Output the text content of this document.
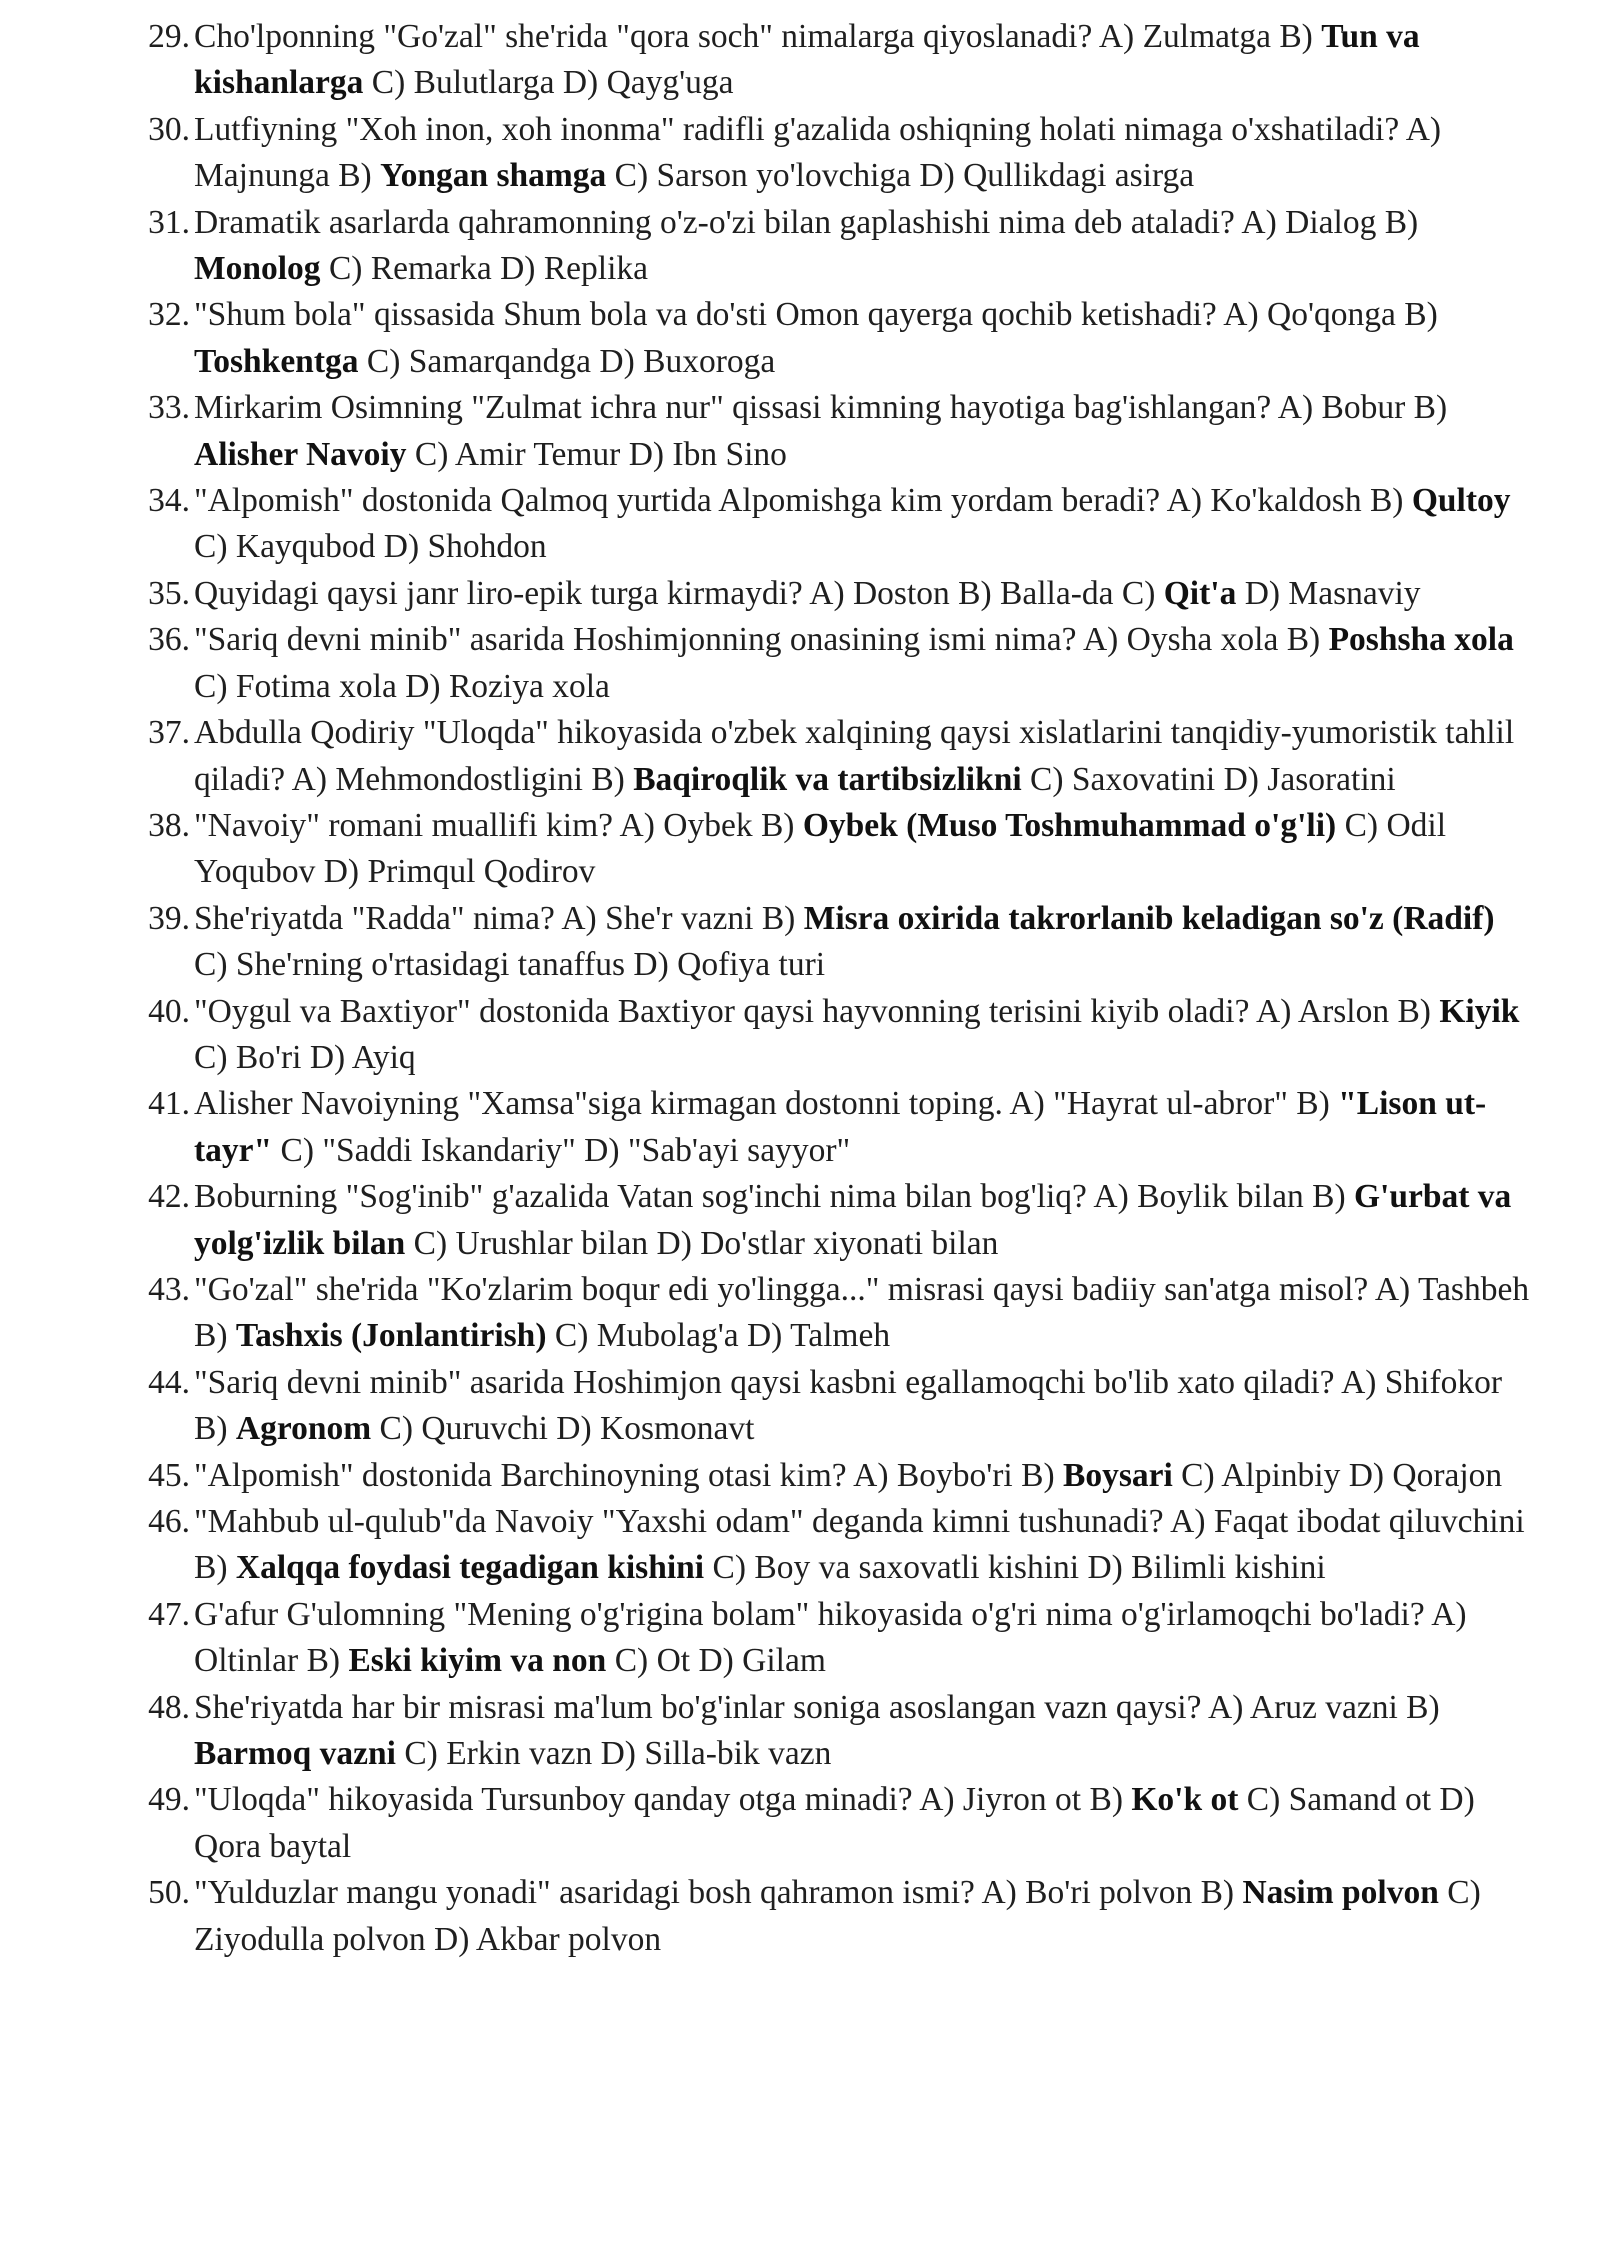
29. Cho'lponning "Go'zal" she'rida "qora soch" nimalarga qiyoslanadi? A) Zulmatga B) Tun va kishanlarga C) Bulutlarga D) Qayg'uga
30. Lutfiyning "Xoh inon, xoh inonma" radifli g'azalida oshiqning holati nimaga o'xshatiladi? A) Majnunga B) Yongan shamga C) Sarson yo'lovchiga D) Qullikdagi asirga
31. Dramatik asarlarda qahramonning o'z-o'zi bilan gaplashishi nima deb ataladi? A) Dialog B) Monolog C) Remarka D) Replika
32. "Shum bola" qissasida Shum bola va do'sti Omon qayerga qochib ketishadi? A) Qo'qonga B) Toshkentga C) Samarqandga D) Buxoroga
33. Mirkarim Osimning "Zulmat ichra nur" qissasi kimning hayotiga bag'ishlangan? A) Bobur B) Alisher Navoiy C) Amir Temur D) Ibn Sino
34. "Alpomish" dostonida Qalmoq yurtida Alpomishga kim yordam beradi? A) Ko'kaldosh B) Qultoy C) Kayqubod D) Shohdon
35. Quyidagi qaysi janr liro-epik turga kirmaydi? A) Doston B) Balla-da C) Qit'a D) Masnaviy
36. "Sariq devni minib" asarida Hoshimjonning onasining ismi nima? A) Oysha xola B) Poshsha xola C) Fotima xola D) Roziya xola
37. Abdulla Qodiriy "Uloqda" hikoyasida o'zbek xalqining qaysi xislatlarini tanqidiy-yumoristik tahlil qiladi? A) Mehmondostligini B) Baqiroqlik va tartibsizlikni C) Saxovatini D) Jasoratini
38. "Navoiy" romani muallifi kim? A) Oybek B) Oybek (Muso Toshmuhammad o'g'li) C) Odil Yoqubov D) Primqul Qodirov
39. She'riyatda "Radda" nima? A) She'r vazni B) Misra oxirida takrorlanib keladigan so'z (Radif) C) She'rning o'rtasidagi tanaffus D) Qofiya turi
40. "Oygul va Baxtiyor" dostonida Baxtiyor qaysi hayvonning terisini kiyib oladi? A) Arslon B) Kiyik C) Bo'ri D) Ayiq
41. Alisher Navoiyning "Xamsa"siga kirmagan dostonni toping. A) "Hayrat ul-abror" B) "Lison ut-tayr" C) "Saddi Iskandariy" D) "Sab'ayi sayyor"
42. Boburning "Sog'inib" g'azalida Vatan sog'inchi nima bilan bog'liq? A) Boylik bilan B) G'urbat va yolg'izlik bilan C) Urushlar bilan D) Do'stlar xiyonati bilan
43. "Go'zal" she'rida "Ko'zlarim boqur edi yo'lingga..." misrasi qaysi badiiy san'atga misol? A) Tashbeh B) Tashxis (Jonlantirish) C) Mubolag'a D) Talmeh
44. "Sariq devni minib" asarida Hoshimjon qaysi kasbni egallamoqchi bo'lib xato qiladi? A) Shifokor B) Agronom C) Quruvchi D) Kosmonavt
45. "Alpomish" dostonida Barchinoyning otasi kim? A) Boybo'ri B) Boysari C) Alpinbiy D) Qorajon
46. "Mahbub ul-qulub"da Navoiy "Yaxshi odam" deganda kimni tushunadi? A) Faqat ibodat qiluvchini B) Xalqqa foydasi tegadigan kishini C) Boy va saxovatli kishini D) Bilimli kishini
47. G'afur G'ulomning "Mening o'g'rigina bolam" hikoyasida o'g'ri nima o'g'irlamoqchi bo'ladi? A) Oltinlar B) Eski kiyim va non C) Ot D) Gilam
48. She'riyatda har bir misrasi ma'lum bo'g'inlar soniga asoslangan vazn qaysi? A) Aruz vazni B) Barmoq vazni C) Erkin vazn D) Silla-bik vazn
49. "Uloqda" hikoyasida Tursunboy qanday otga minadi? A) Jiyron ot B) Ko'k ot C) Samand ot D) Qora baytal
50. "Yulduzlar mangu yonadi" asaridagi bosh qahramon ismi? A) Bo'ri polvon B) Nasim polvon C) Ziyodulla polvon D) Akbar polvon
